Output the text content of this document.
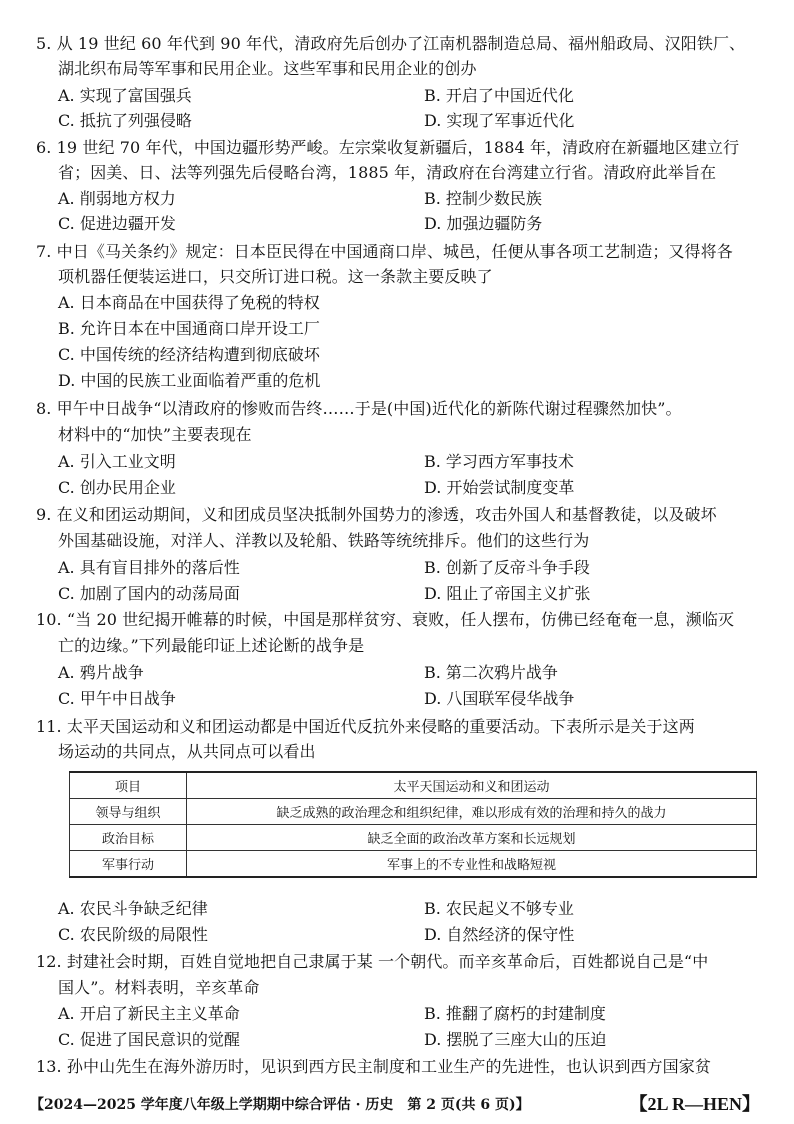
5. 从 19 世纪 60 年代到 90 年代，清政府先后创办了江南机器制造总局、福州船政局、汉阳铁厂、
湖北织布局等军事和民用企业。这些军事和民用企业的创办
A. 实现了富国强兵	B. 开启了中国近代化
C. 抵抗了列强侵略	D. 实现了军事近代化
6. 19 世纪 70 年代，中国边疆形势严峻。左宗棠收复新疆后，1884 年，清政府在新疆地区建立行
省；因美、日、法等列强先后侵略台湾，1885 年，清政府在台湾建立行省。清政府此举旨在
A. 削弱地方权力	B. 控制少数民族
C. 促进边疆开发	D. 加强边疆防务
7. 中日《马关条约》规定：日本臣民得在中国通商口岸、城邑，任便从事各项工艺制造；又得将各
项机器任便装运进口，只交所订进口税。这一条款主要反映了
A. 日本商品在中国获得了免税的特权
B. 允许日本在中国通商口岸开设工厂
C. 中国传统的经济结构遭到彻底破坏
D. 中国的民族工业面临着严重的危机
8. 甲午中日战争“以清政府的惨败而告终……于是(中国)近代化的新陈代谢过程骤然加快”。
材料中的“加快”主要表现在
A. 引入工业文明	B. 学习西方军事技术
C. 创办民用企业	D. 开始尝试制度变革
9. 在义和团运动期间，义和团成员坚决抵制外国势力的渗透，攻击外国人和基督教徒，以及破坏
外国基础设施，对洋人、洋教以及轮船、铁路等统统排斥。他们的这些行为
A. 具有盲目排外的落后性	B. 创新了反帝斗争手段
C. 加剧了国内的动荡局面	D. 阻止了帝国主义扩张
10. “当 20 世纪揭开帷幕的时候，中国是那样贫穷、衰败，任人摆布，仿佛已经奄奄一息，濒临灭
亡的边缘。”下列最能印证上述论断的战争是
A. 鸦片战争	B. 第二次鸦片战争
C. 甲午中日战争	D. 八国联军侵华战争
11. 太平天国运动和义和团运动都是中国近代反抗外来侵略的重要活动。下表所示是关于这两
场运动的共同点，从共同点可以看出
项目	太平天国运动和义和团运动
领导与组织	缺乏成熟的政治理念和组织纪律，难以形成有效的治理和持久的战力
政治目标	缺乏全面的政治改革方案和长远规划
军事行动	军事上的不专业性和战略短视
A. 农民斗争缺乏纪律	B. 农民起义不够专业
C. 农民阶级的局限性	D. 自然经济的保守性
12. 封建社会时期，百姓自觉地把自己隶属于某 一个朝代。而辛亥革命后，百姓都说自己是“中
国人”。材料表明，辛亥革命
A. 开启了新民主主义革命	B. 推翻了腐朽的封建制度
C. 促进了国民意识的觉醒	D. 摆脱了三座大山的压迫
13. 孙中山先生在海外游历时，见识到西方民主制度和工业生产的先进性，也认识到西方国家贫
【2024—2025 学年度八年级上学期期中综合评估 · 历史　第 2 页(共 6 页)】	【2L R—HEN】
